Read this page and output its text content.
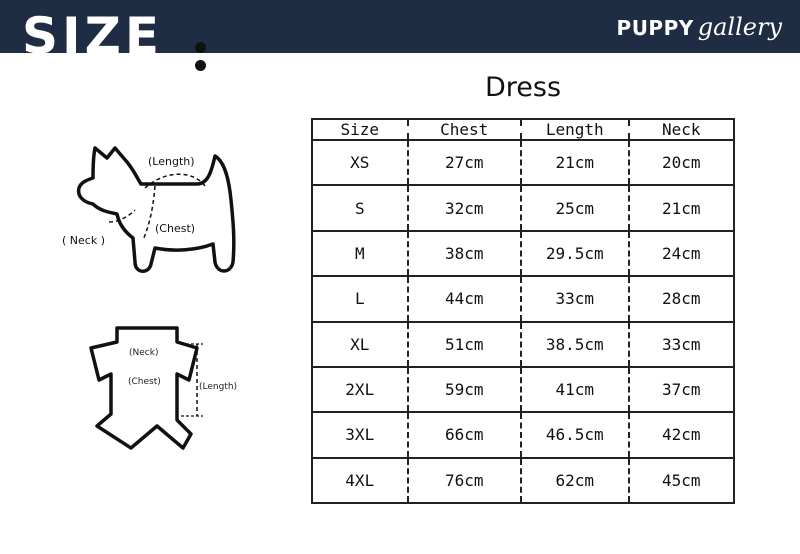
SIZE	PUPPY gallery
(Length)
(Chest)
( Neck )
(Neck)
(Chest)	(Length)
Dress
Size	Chest	Length	Neck
XS	27cm	21cm	20cm
S	32cm	25cm	21cm
M	38cm	29.5cm	24cm
L	44cm	33cm	28cm
XL	51cm	38.5cm	33cm
2XL	59cm	41cm	37cm
3XL	66cm	46.5cm	42cm
4XL	76cm	62cm	45cm
